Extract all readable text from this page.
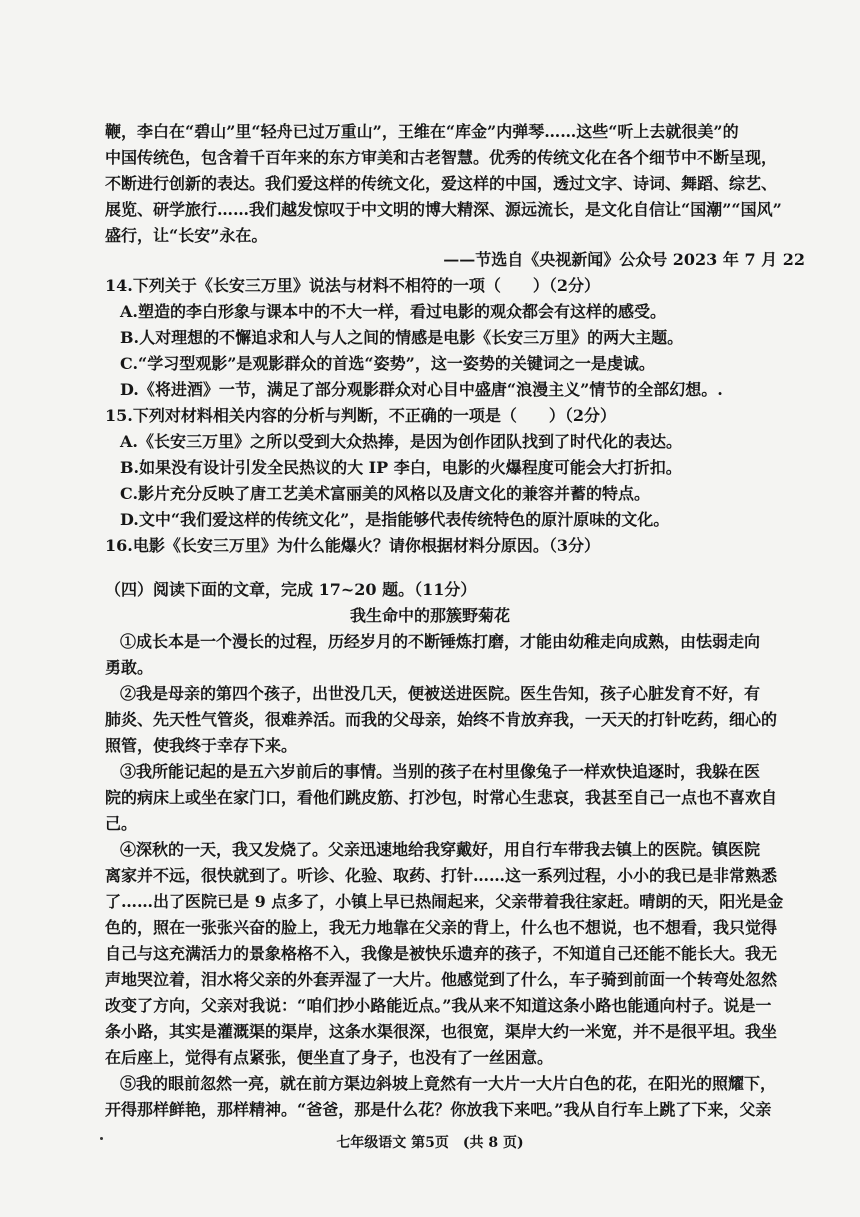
鞭，李白在“碧山”里“轻舟已过万重山”，王维在“库金”内弹琴……这些“听上去就很美”的
中国传统色，包含着千百年来的东方审美和古老智慧。优秀的传统文化在各个细节中不断呈现，
不断进行创新的表达。我们爱这样的传统文化，爱这样的中国，透过文字、诗词、舞蹈、综艺、
展览、研学旅行……我们越发惊叹于中文明的博大精深、源远流长，是文化自信让“国潮”“国风”
盛行，让“长安”永在。
——节选自《央视新闻》公众号 2023 年 7 月 22
14.下列关于《长安三万里》说法与材料不相符的一项（　　）（2分）
A.塑造的李白形象与课本中的不大一样，看过电影的观众都会有这样的感受。
B.人对理想的不懈追求和人与人之间的情感是电影《长安三万里》的两大主题。
C.“学习型观影”是观影群众的首选“姿势”，这一姿势的关键词之一是虔诚。
D.《将进酒》一节，满足了部分观影群众对心目中盛唐“浪漫主义”情节的全部幻想。.
15.下列对材料相关内容的分析与判断，不正确的一项是（　　）（2分）
A.《长安三万里》之所以受到大众热捧，是因为创作团队找到了时代化的表达。
B.如果没有设计引发全民热议的大 IP 李白，电影的火爆程度可能会大打折扣。
C.影片充分反映了唐工艺美术富丽美的风格以及唐文化的兼容并蓄的特点。
D.文中“我们爱这样的传统文化”，是指能够代表传统特色的原汁原味的文化。
16.电影《长安三万里》为什么能爆火？请你根据材料分原因。（3分）
（四）阅读下面的文章，完成 17~20 题。（11分）
我生命中的那簇野菊花
①成长本是一个漫长的过程，历经岁月的不断锤炼打磨，才能由幼稚走向成熟，由怯弱走向
勇敢。
②我是母亲的第四个孩子，出世没几天，便被送进医院。医生告知，孩子心脏发育不好，有
肺炎、先天性气管炎，很难养活。而我的父母亲，始终不肯放弃我，一天天的打针吃药，细心的
照管，使我终于幸存下来。
③我所能记起的是五六岁前后的事情。当别的孩子在村里像兔子一样欢快追逐时，我躲在医
院的病床上或坐在家门口，看他们跳皮筋、打沙包，时常心生悲哀，我甚至自己一点也不喜欢自
己。
④深秋的一天，我又发烧了。父亲迅速地给我穿戴好，用自行车带我去镇上的医院。镇医院
离家并不远，很快就到了。听诊、化验、取药、打针……这一系列过程，小小的我已是非常熟悉
了……出了医院已是 9 点多了，小镇上早已热闹起来，父亲带着我往家赶。晴朗的天，阳光是金
色的，照在一张张兴奋的脸上，我无力地靠在父亲的背上，什么也不想说，也不想看，我只觉得
自己与这充满活力的景象格格不入，我像是被快乐遗弃的孩子，不知道自己还能不能长大。我无
声地哭泣着，泪水将父亲的外套弄湿了一大片。他感觉到了什么，车子骑到前面一个转弯处忽然
改变了方向，父亲对我说：“咱们抄小路能近点。”我从来不知道这条小路也能通向村子。说是一
条小路，其实是灌溉渠的渠岸，这条水渠很深，也很宽，渠岸大约一米宽，并不是很平坦。我坐
在后座上，觉得有点紧张，便坐直了身子，也没有了一丝困意。
⑤我的眼前忽然一亮，就在前方渠边斜坡上竟然有一大片一大片白色的花，在阳光的照耀下，
开得那样鲜艳，那样精神。“爸爸，那是什么花？你放我下来吧。”我从自行车上跳了下来，父亲
七年级语文 第5页　(共 8 页)
